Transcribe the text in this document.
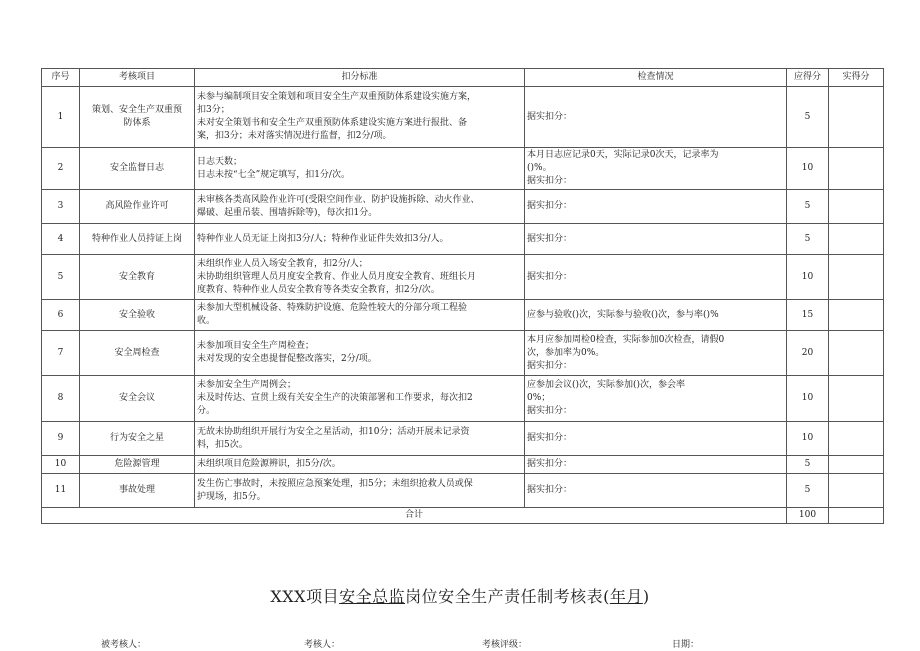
序号	考核项目	扣分标准	检查情况	应得分	实得分
1	策划、安全生产双重预
防体系	未参与编制项目安全策划和项目安全生产双重预防体系建设实施方案，
扣3分；
未对安全策划书和安全生产双重预防体系建设实施方案进行报批、备
案，扣3分；未对落实情况进行监督，扣2分/项。	据实扣分：	5	
2	安全监督日志	日志天数；
日志未按“七全”规定填写，扣1分/次。	本月日志应记录0天，实际记录0次天，记录率为
()%。
据实扣分：	10	
3	高风险作业许可	未审核各类高风险作业许可(受限空间作业、防护设施拆除、动火作业、
爆破、起重吊装、围墙拆除等)，每次扣1分。	据实扣分：	5	
4	特种作业人员持证上岗	特种作业人员无证上岗扣3分/人；特种作业证件失效扣3分/人。	据实扣分：	5	
5	安全教育	未组织作业人员入场安全教育，扣2分/人；
未协助组织管理人员月度安全教育、作业人员月度安全教育、班组长月
度教育、特种作业人员安全教育等各类安全教育，扣2分/次。	据实扣分：	10	
6	安全验收	未参加大型机械设备、特殊防护设施、危险性较大的分部分项工程验
收。	应参与验收()次，实际参与验收()次，参与率()%	15	
7	安全周检查	未参加项目安全生产周检查；
未对发现的安全患提督促整改落实，2分/项。	本月应参加周检0检查，实际参加0次检查，请假0
次，参加率为0%。
据实扣分：	20	
8	安全会议	未参加安全生产周例会；
未及时传达、宣贯上级有关安全生产的决策部署和工作要求，每次扣2
分。	应参加会议()次，实际参加()次，参会率
0%；
据实扣分：	10	
9	行为安全之星	无故未协助组织开展行为安全之星活动，扣10分；活动开展未记录资
料，扣5次。	据实扣分：	10	
10	危险源管理	未组织项目危险源辨识，扣5分/次。	据实扣分：	5	
11	事故处理	发生伤亡事故时，未按照应急预案处理，扣5分；未组织抢救人员或保
护现场，扣5分。	据实扣分：	5	
合计				100	
XXX项目安全总监岗位安全生产责任制考核表(年月)
被考核人：	考核人：	考核评级：	日期：
